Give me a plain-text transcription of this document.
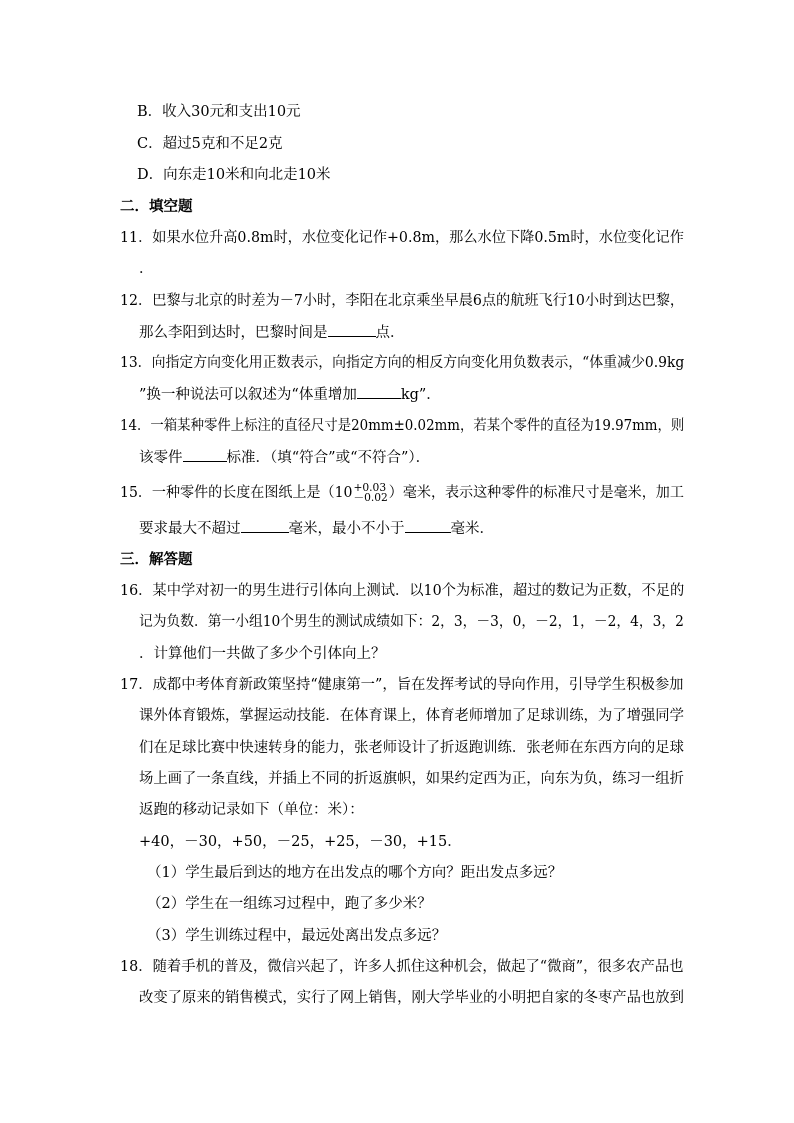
B．收入30元和支出10元
C．超过5克和不足2克
D．向东走10米和向北走10米
二．填空题
11．如果水位升高0.8m时，水位变化记作+0.8m，那么水位下降0.5m时，水位变化记作
．
12．巴黎与北京的时差为－7小时，李阳在北京乘坐早晨6点的航班飞行10小时到达巴黎，
那么李阳到达时，巴黎时间是	点．
13．向指定方向变化用正数表示，向指定方向的相反方向变化用负数表示，“体重减少0.9kg
”换一种说法可以叙述为“体重增加	kg”．
14．一箱某种零件上标注的直径尺寸是20mm±0.02mm，若某个零件的直径为19.97mm，则
该零件	标准．（填“符合”或“不符合”）．
15．一种零件的长度在图纸上是（10 +0.03
－0.02 ）毫米，表示这种零件的标准尺寸是毫米，加工
要求最大不超过	毫米，最小不小于	毫米．
三．解答题
16．某中学对初一的男生进行引体向上测试．以10个为标准，超过的数记为正数，不足的
记为负数．第一小组10个男生的测试成绩如下：2，3，－3，0，－2，1，－2，4，3，2
．计算他们一共做了多少个引体向上？
17．成都中考体育新政策坚持“健康第一”，旨在发挥考试的导向作用，引导学生积极参加
课外体育锻炼，掌握运动技能．在体育课上，体育老师增加了足球训练，为了增强同学
们在足球比赛中快速转身的能力，张老师设计了折返跑训练．张老师在东西方向的足球
场上画了一条直线，并插上不同的折返旗帜，如果约定西为正，向东为负，练习一组折
返跑的移动记录如下（单位：米）：
+40，－30，+50，－25，+25，－30，+15．
（1）学生最后到达的地方在出发点的哪个方向？距出发点多远？
（2）学生在一组练习过程中，跑了多少米？
（3）学生训练过程中，最远处离出发点多远？
18．随着手机的普及，微信兴起了，许多人抓住这种机会，做起了“微商”，很多农产品也
改变了原来的销售模式，实行了网上销售，刚大学毕业的小明把自家的冬枣产品也放到
